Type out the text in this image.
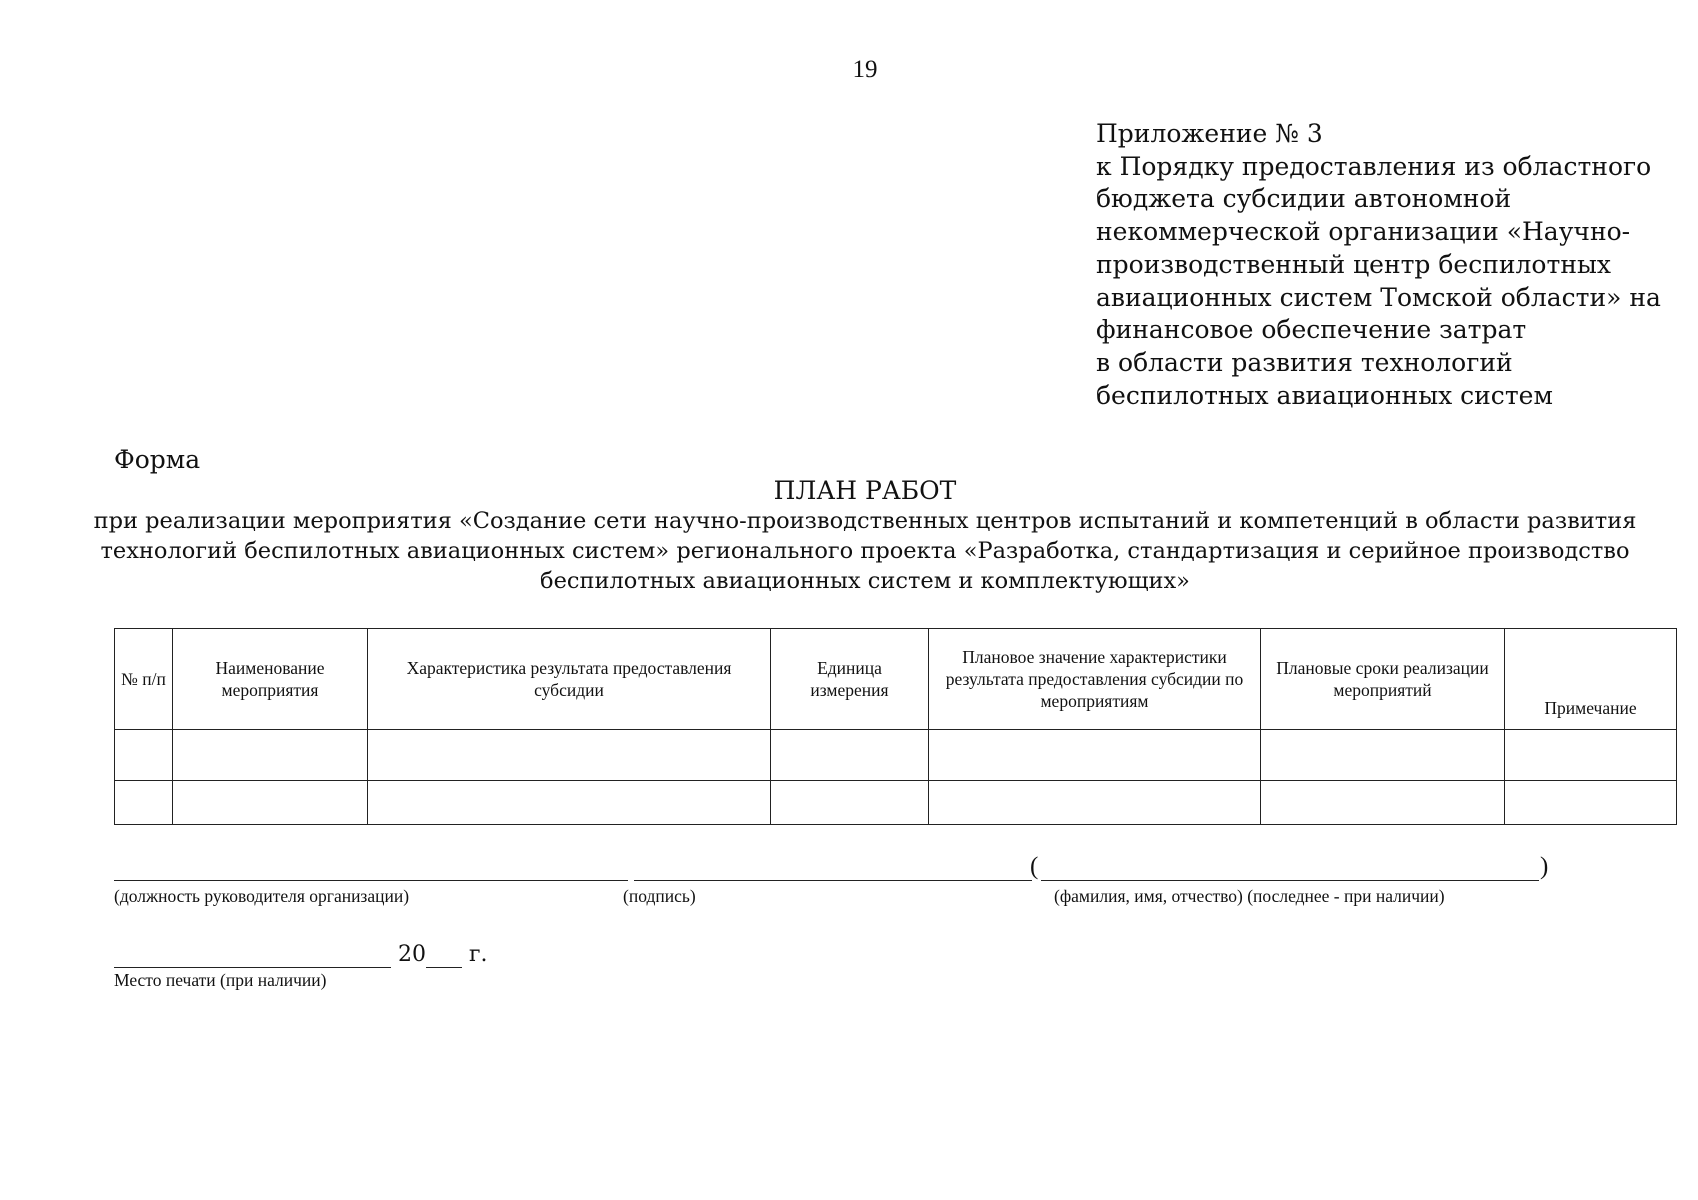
19
Приложение № 3
к Порядку предоставления из областного
бюджета субсидии автономной
некоммерческой организации «Научно-
производственный центр беспилотных
авиационных систем Томской области» на
финансовое обеспечение затрат
в области развития технологий
беспилотных авиационных систем
Форма
ПЛАН РАБОТ
при реализации мероприятия «Создание сети научно-производственных центров испытаний и компетенций в области развития
технологий беспилотных авиационных систем» регионального проекта «Разработка, стандартизация и серийное производство
беспилотных авиационных систем и комплектующих»
№ п/п	Наименование мероприятия	Характеристика результата предоставления субсидии	Единица измерения	Плановое значение характеристики результата предоставления субсидии по мероприятиям	Плановые сроки реализации мероприятий	Примечание

(	)
(должность руководителя организации)	(подпись)	(фамилия, имя, отчество) (последнее - при наличии)
20 г.
Место печати (при наличии)
